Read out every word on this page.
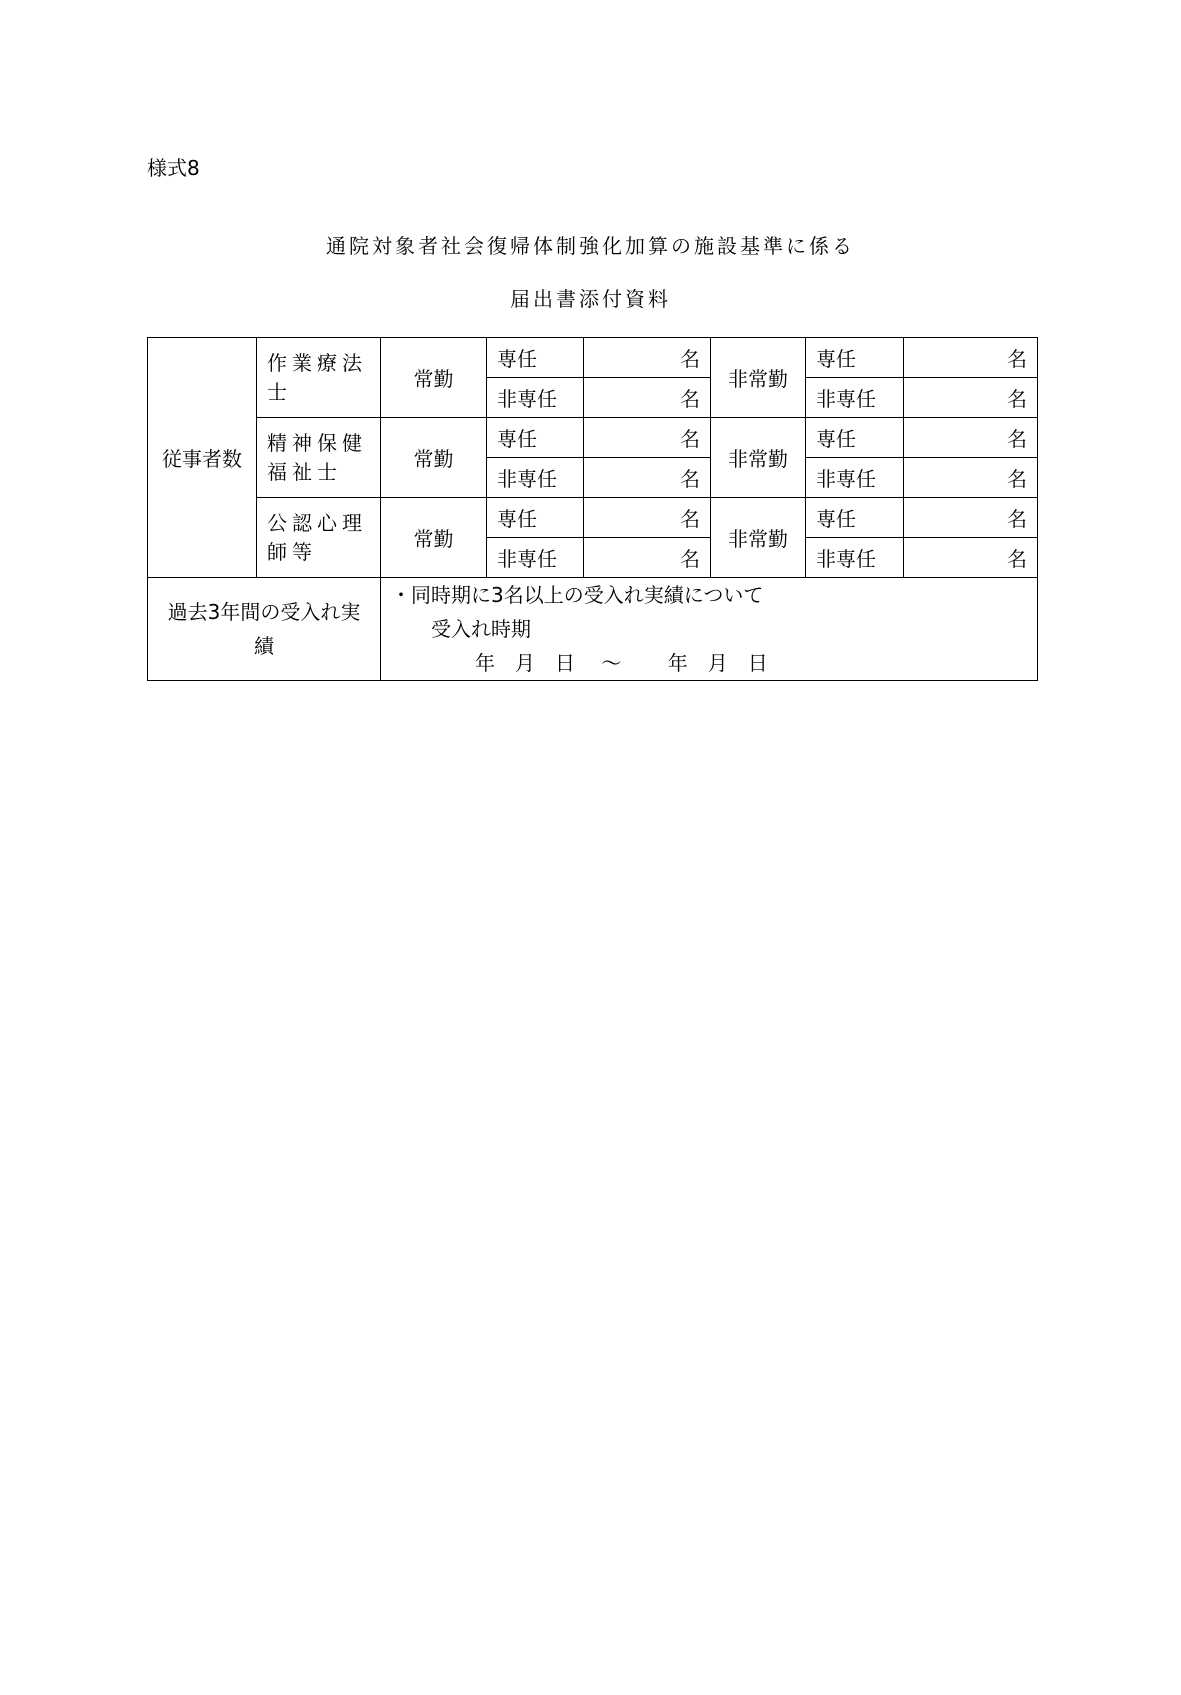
様式8
通院対象者社会復帰体制強化加算の施設基準に係る
届出書添付資料
従事者数	作業療法士	常勤	専任	名	非常勤	専任	名
			非専任	名		非専任	名
	精神保健福祉士	常勤	専任	名	非常勤	専任	名
			非専任	名		非専任	名
	公認心理師等	常勤	専任	名	非常勤	専任	名
			非専任	名		非専任	名
過去3年間の受入れ実績		・同時期に3名以上の受入れ実績について
受入れ時期
年　月　日　 ～　　 年　月　日					
